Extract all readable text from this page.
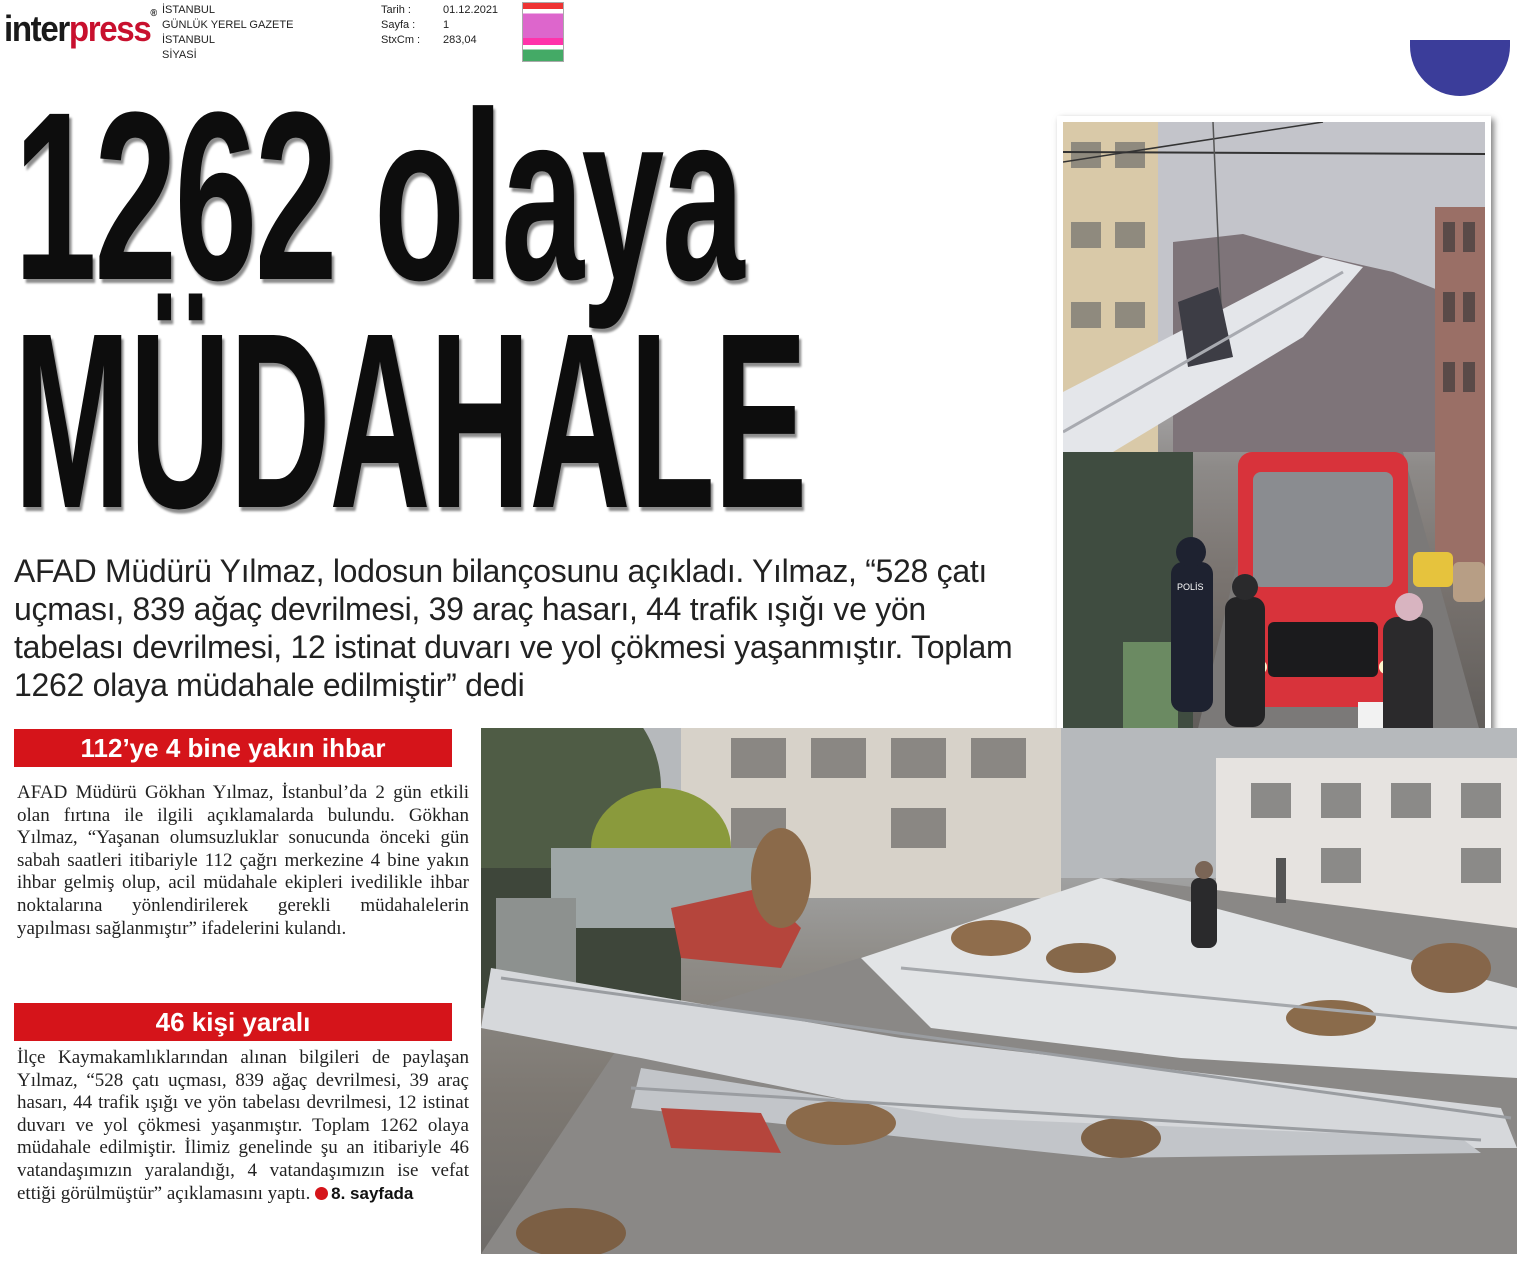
interpress® İSTANBUL
GÜNLÜK YEREL GAZETE
İSTANBUL
SİYASİ
Tarih :	01.12.2021
Sayfa :	1
StxCm :	283,04
1262 olaya
MÜDAHALE
AFAD Müdürü Yılmaz, lodosun bilançosunu açıkladı. Yılmaz, “528 çatı uçması, 839 ağaç devrilmesi, 39 araç hasarı, 44 trafik ışığı ve yön tabelası devrilmesi, 12 istinat duvarı ve yol çökmesi yaşanmıştır. Toplam 1262 olaya müdahale edilmiştir” dedi
POLİS
112’ye 4 bine yakın ihbar
AFAD Müdürü Gökhan Yılmaz, İstanbul’da 2 gün etkili olan fırtına ile ilgili açıklamalarda bulundu. Gökhan Yılmaz, “Yaşanan olumsuzluklar sonucunda önceki gün sabah saatleri itibariyle 112 çağrı merkezine 4 bine yakın ihbar gelmiş olup, acil müdahale ekipleri ivedilikle ihbar noktalarına yönlendirilerek gerekli müdahalelerin yapılması sağlanmıştır” ifadelerini kulandı.
46 kişi yaralı
İlçe Kaymakamlıklarından alınan bilgileri de paylaşan Yılmaz, “528 çatı uçması, 839 ağaç devrilmesi, 39 araç hasarı, 44 trafik ışığı ve yön tabelası devrilmesi, 12 istinat duvarı ve yol çökmesi yaşanmıştır. Toplam 1262 olaya müdahale edilmiştir. İlimiz genelinde şu an itibariyle 46 vatandaşımızın yaralandığı, 4 vatandaşımızın ise vefat ettiği görülmüştür” açıklamasını yaptı. 8. sayfada
